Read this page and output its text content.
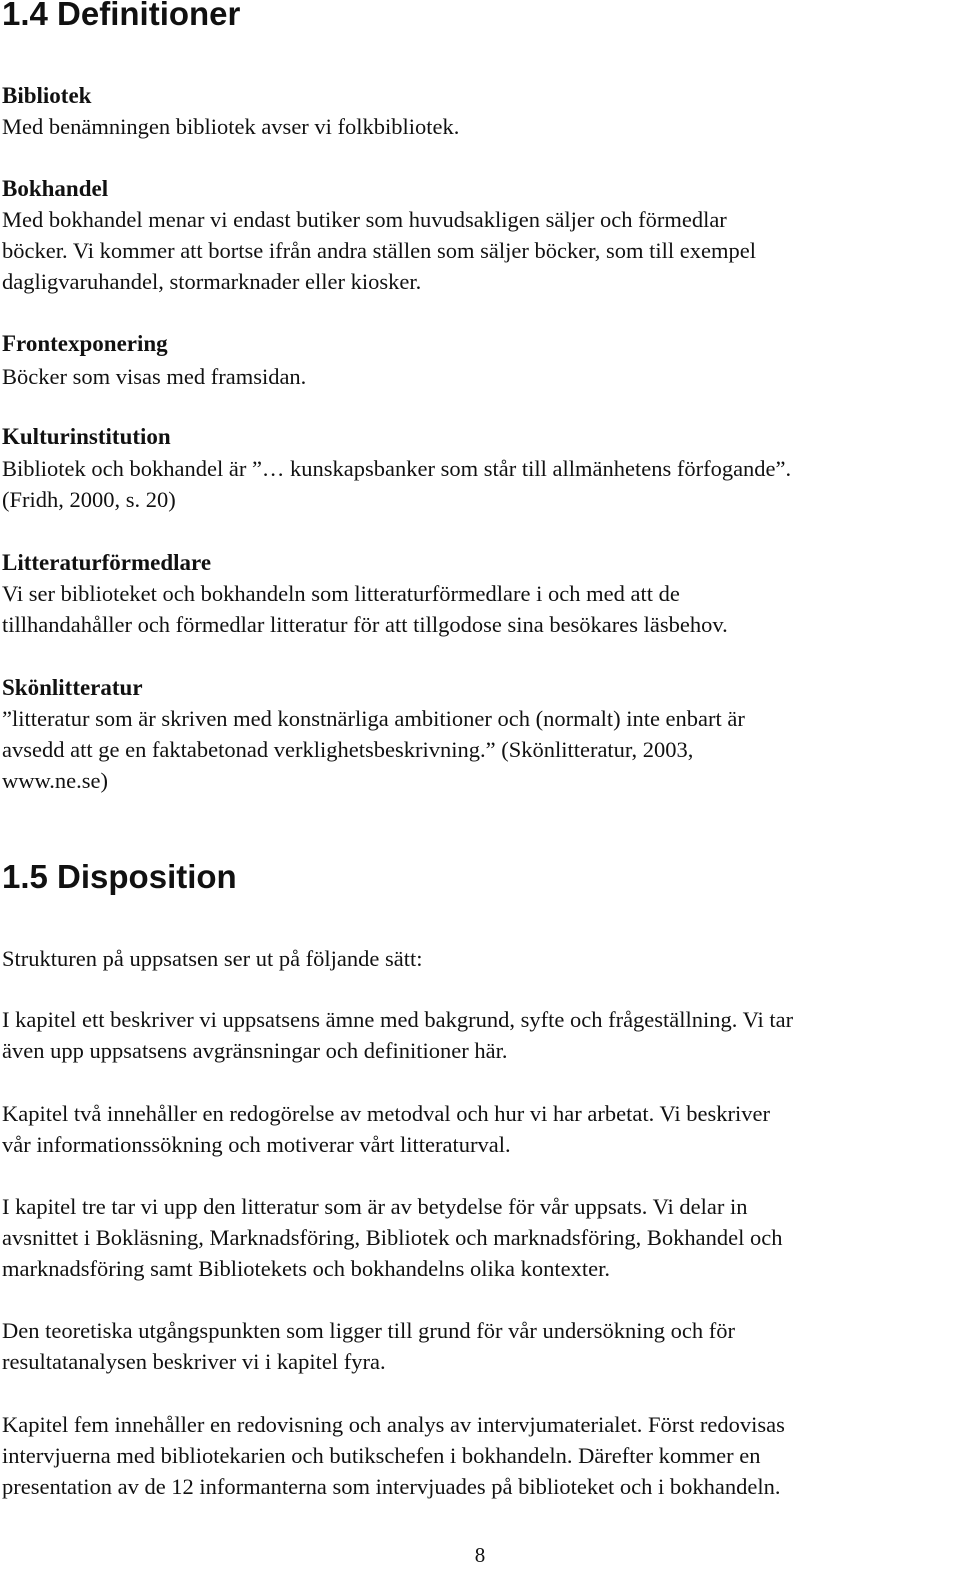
1.4 Definitioner
Bibliotek
Med benämningen bibliotek avser vi folkbibliotek.
Bokhandel
Med bokhandel menar vi endast butiker som huvudsakligen säljer och förmedlar
böcker. Vi kommer att bortse ifrån andra ställen som säljer böcker, som till exempel
dagligvaruhandel, stormarknader eller kiosker.
Frontexponering
Böcker som visas med framsidan.
Kulturinstitution
Bibliotek och bokhandel är ”… kunskapsbanker som står till allmänhetens förfogande”.
(Fridh, 2000, s. 20)
Litteraturförmedlare
Vi ser biblioteket och bokhandeln som litteraturförmedlare i och med att de
tillhandahåller och förmedlar litteratur för att tillgodose sina besökares läsbehov.
Skönlitteratur
”litteratur som är skriven med konstnärliga ambitioner och (normalt) inte enbart är
avsedd att ge en faktabetonad verklighetsbeskrivning.” (Skönlitteratur, 2003,
www.ne.se)
1.5 Disposition
Strukturen på uppsatsen ser ut på följande sätt:
I kapitel ett beskriver vi uppsatsens ämne med bakgrund, syfte och frågeställning. Vi tar
även upp uppsatsens avgränsningar och definitioner här.
Kapitel två innehåller en redogörelse av metodval och hur vi har arbetat. Vi beskriver
vår informationssökning och motiverar vårt litteraturval.
I kapitel tre tar vi upp den litteratur som är av betydelse för vår uppsats. Vi delar in
avsnittet i Bokläsning, Marknadsföring, Bibliotek och marknadsföring, Bokhandel och
marknadsföring samt Bibliotekets och bokhandelns olika kontexter.
Den teoretiska utgångspunkten som ligger till grund för vår undersökning och för
resultatanalysen beskriver vi i kapitel fyra.
Kapitel fem innehåller en redovisning och analys av intervjumaterialet. Först redovisas
intervjuerna med bibliotekarien och butikschefen i bokhandeln. Därefter kommer en
presentation av de 12 informanterna som intervjuades på biblioteket och i bokhandeln.
8
